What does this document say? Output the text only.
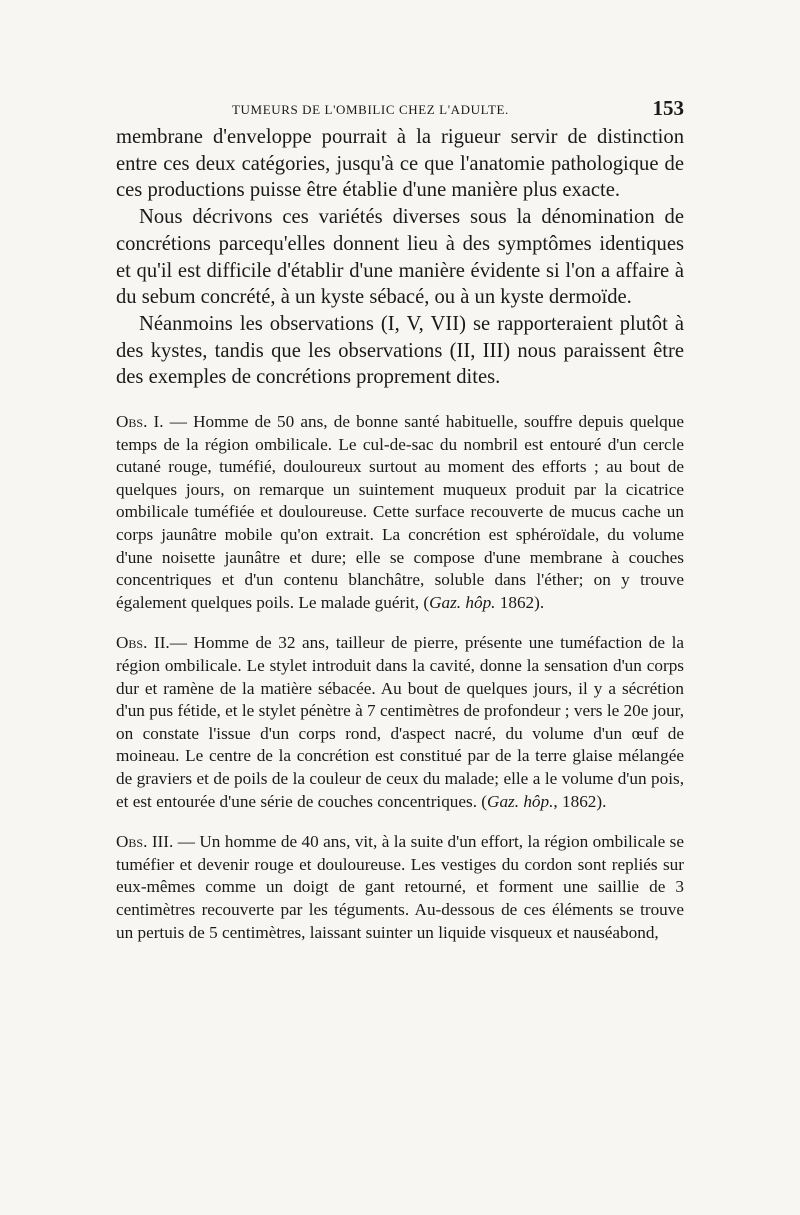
TUMEURS DE L'OMBILIC CHEZ L'ADULTE.	153

membrane d'enveloppe pourrait à la rigueur servir de distinction entre ces deux catégories, jusqu'à ce que l'anatomie pathologique de ces productions puisse être établie d'une manière plus exacte.

Nous décrivons ces variétés diverses sous la dénomination de concrétions parcequ'elles donnent lieu à des symptômes identiques et qu'il est difficile d'établir d'une manière évidente si l'on a affaire à du sebum concrété, à un kyste sébacé, ou à un kyste dermoïde.

Néanmoins les observations (I, V, VII) se rapporteraient plutôt à des kystes, tandis que les observations (II, III) nous paraissent être des exemples de concrétions proprement dites.

Obs. I. — Homme de 50 ans, de bonne santé habituelle, souffre depuis quelque temps de la région ombilicale. Le cul-de-sac du nombril est entouré d'un cercle cutané rouge, tuméfié, douloureux surtout au moment des efforts ; au bout de quelques jours, on remarque un suintement muqueux produit par la cicatrice ombilicale tuméfiée et douloureuse. Cette surface recouverte de mucus cache un corps jaunâtre mobile qu'on extrait. La concrétion est sphéroïdale, du volume d'une noisette jaunâtre et dure; elle se compose d'une membrane à couches concentriques et d'un contenu blanchâtre, soluble dans l'éther; on y trouve également quelques poils. Le malade guérit, (Gaz. hôp. 1862).

Obs. II.— Homme de 32 ans, tailleur de pierre, présente une tuméfaction de la région ombilicale. Le stylet introduit dans la cavité, donne la sensation d'un corps dur et ramène de la matière sébacée. Au bout de quelques jours, il y a sécrétion d'un pus fétide, et le stylet pénètre à 7 centimètres de profondeur ; vers le 20e jour, on constate l'issue d'un corps rond, d'aspect nacré, du volume d'un œuf de moineau. Le centre de la concrétion est constitué par de la terre glaise mélangée de graviers et de poils de la couleur de ceux du malade; elle a le volume d'un pois, et est entourée d'une série de couches concentriques. (Gaz. hôp., 1862).

Obs. III. — Un homme de 40 ans, vit, à la suite d'un effort, la région ombilicale se tuméfier et devenir rouge et douloureuse. Les vestiges du cordon sont repliés sur eux-mêmes comme un doigt de gant retourné, et forment une saillie de 3 centimètres recouverte par les téguments. Au-dessous de ces éléments se trouve un pertuis de 5 centimètres, laissant suinter un liquide visqueux et nauséabond,
